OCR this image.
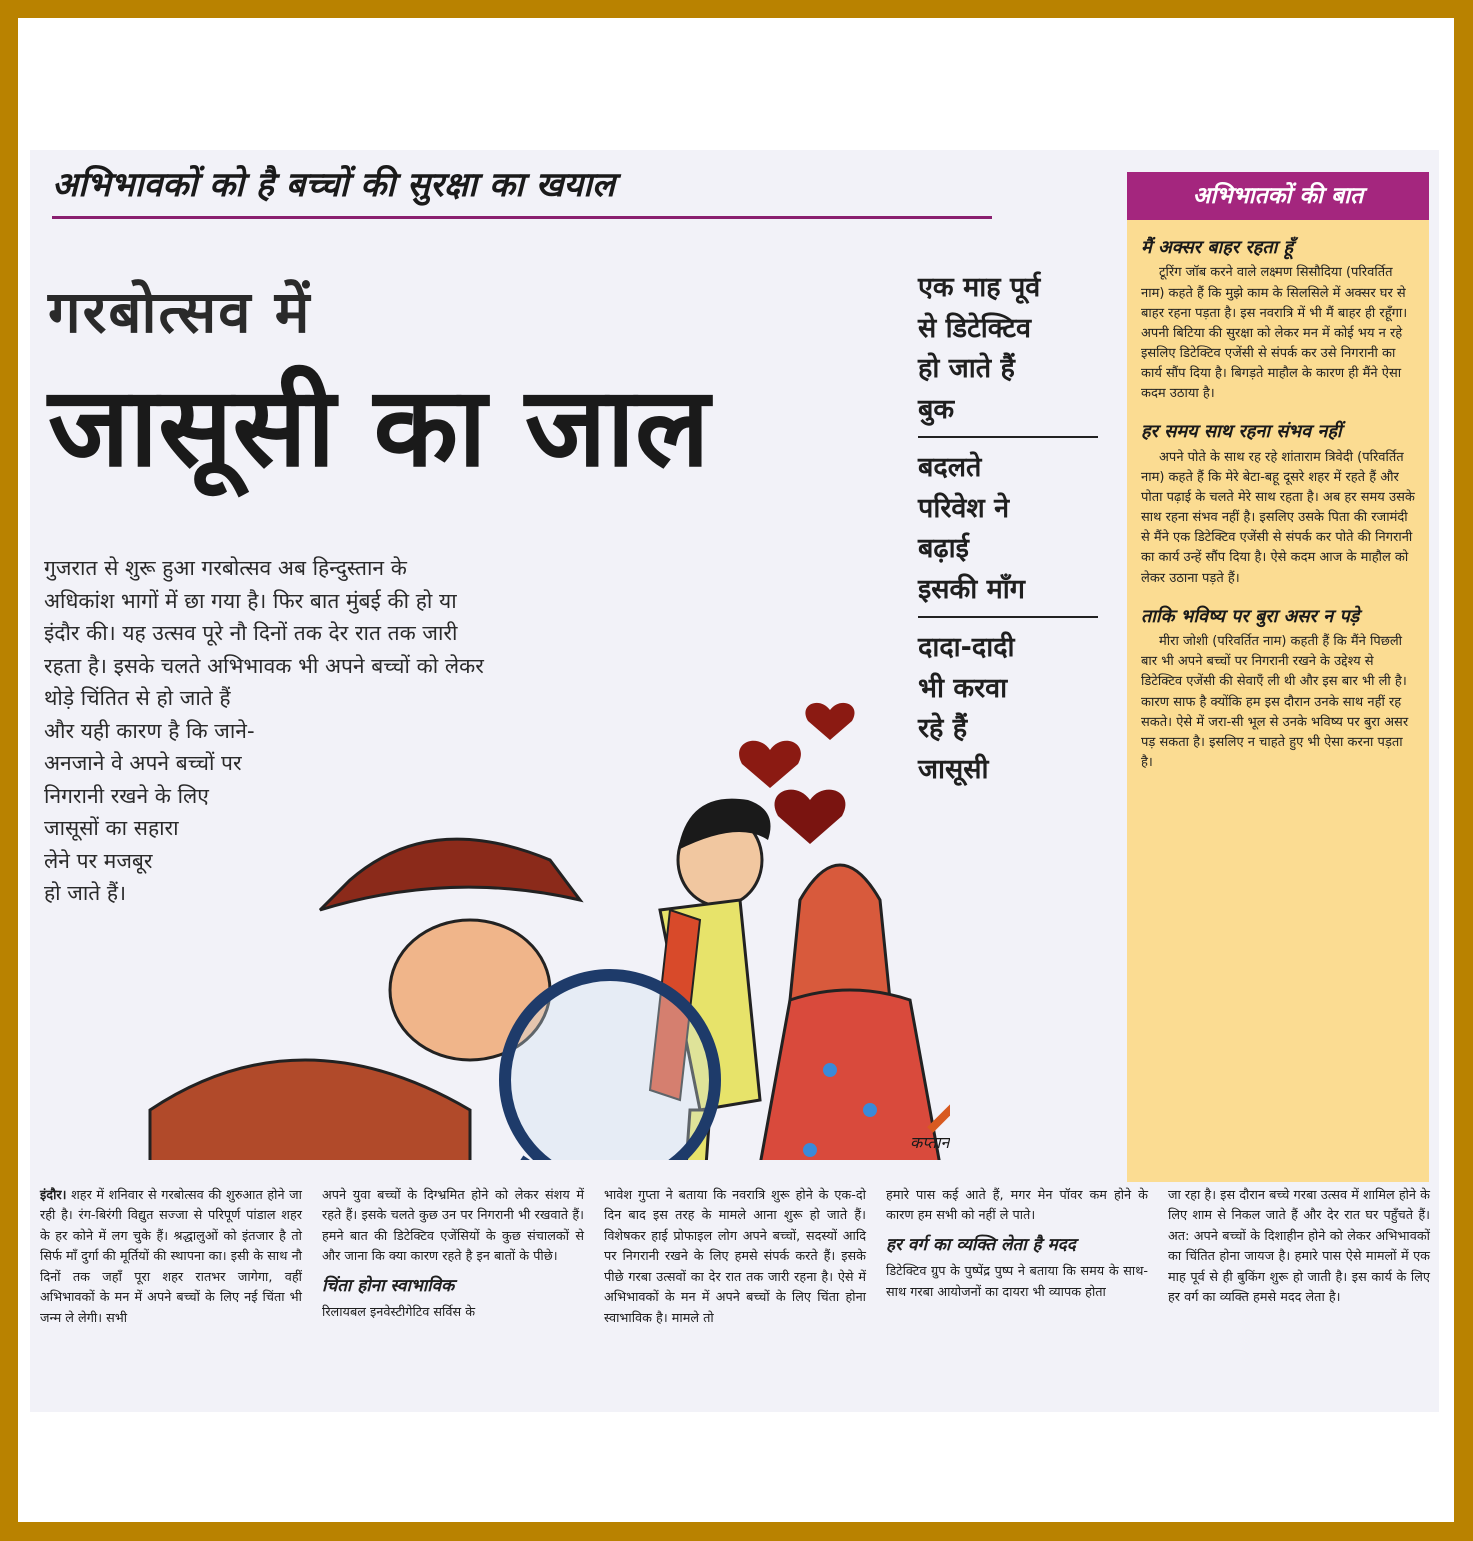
अभिभावकों को है बच्चों की सुरक्षा का खयाल
गरबोत्सव में
जासूसी का जाल
एक माह पूर्व
से डिटेक्टिव
हो जाते हैं
बुक
बदलते
परिवेश ने
बढ़ाई
इसकी माँग
दादा-दादी
भी करवा
रहे हैं
जासूसी
कप्तान
गुजरात से शुरू हुआ गरबोत्सव अब हिन्दुस्तान के
अधिकांश भागों में छा गया है। फिर बात मुंबई की हो या
इंदौर की। यह उत्सव पूरे नौ दिनों तक देर रात तक जारी
रहता है। इसके चलते अभिभावक भी अपने बच्चों को लेकर
थोड़े चिंतित से हो जाते हैं
और यही कारण है कि जाने-
अनजाने वे अपने बच्चों पर
निगरानी रखने के लिए
जासूसों का सहारा
लेने पर मजबूर
हो जाते हैं।
अभिभातकों की बात
मैं अक्सर बाहर रहता हूँ
टूरिंग जॉब करने वाले लक्ष्मण सिसौदिया (परिवर्तित नाम) कहते हैं कि मुझे काम के सिलसिले में अक्सर घर से बाहर रहना पड़ता है। इस नवरात्रि में भी मैं बाहर ही रहूँगा। अपनी बिटिया की सुरक्षा को लेकर मन में कोई भय न रहे इसलिए डिटेक्टिव एजेंसी से संपर्क कर उसे निगरानी का कार्य सौंप दिया है। बिगड़ते माहौल के कारण ही मैंने ऐसा कदम उठाया है।
हर समय साथ रहना संभव नहीं
अपने पोते के साथ रह रहे शांताराम त्रिवेदी (परिवर्तित नाम) कहते हैं कि मेरे बेटा-बहू दूसरे शहर में रहते हैं और पोता पढ़ाई के चलते मेरे साथ रहता है। अब हर समय उसके साथ रहना संभव नहीं है। इसलिए उसके पिता की रजामंदी से मैंने एक डिटेक्टिव एजेंसी से संपर्क कर पोते की निगरानी का कार्य उन्हें सौंप दिया है। ऐसे कदम आज के माहौल को लेकर उठाना पड़ते हैं।
ताकि भविष्य पर बुरा असर न पड़े
मीरा जोशी (परिवर्तित नाम) कहती हैं कि मैंने पिछली बार भी अपने बच्चों पर निगरानी रखने के उद्देश्य से डिटेक्टिव एजेंसी की सेवाएँ ली थी और इस बार भी ली है। कारण साफ है क्योंकि हम इस दौरान उनके साथ नहीं रह सकते। ऐसे में जरा-सी भूल से उनके भविष्य पर बुरा असर पड़ सकता है। इसलिए न चाहते हुए भी ऐसा करना पड़ता है।

इंदौर। शहर में शनिवार से गरबोत्सव की शुरुआत होने जा रही है। रंग-बिरंगी विद्युत सज्जा से परिपूर्ण पांडाल शहर के हर कोने में लग चुके हैं। श्रद्धालुओं को इंतजार है तो सिर्फ माँ दुर्गा की मूर्तियों की स्थापना का। इसी के साथ नौ दिनों तक जहाँ पूरा शहर रातभर जागेगा, वहीं अभिभावकों के मन में अपने बच्चों के लिए नई चिंता भी जन्म ले लेगी। सभी

अपने युवा बच्चों के दिग्भ्रमित होने को लेकर संशय में रहते हैं। इसके चलते कुछ उन पर निगरानी भी रखवाते हैं। हमने बात की डिटेक्टिव एजेंसियों के कुछ संचालकों से और जाना कि क्या कारण रहते है इन बातों के पीछे।

चिंता होना स्वाभाविक

रिलायबल इनवेस्टीगेटिव सर्विस के

भावेश गुप्ता ने बताया कि नवरात्रि शुरू होने के एक-दो दिन बाद इस तरह के मामले आना शुरू हो जाते हैं। विशेषकर हाई प्रोफाइल लोग अपने बच्चों, सदस्यों आदि पर निगरानी रखने के लिए हमसे संपर्क करते हैं। इसके पीछे गरबा उत्सवों का देर रात तक जारी रहना है। ऐसे में अभिभावकों के मन में अपने बच्चों के लिए चिंता होना स्वाभाविक है। मामले तो

हमारे पास कई आते हैं, मगर मेन पॉवर कम होने के कारण हम सभी को नहीं ले पाते।

हर वर्ग का व्यक्ति लेता है मदद

डिटेक्टिव ग्रुप के पुष्पेंद्र पुष्प ने बताया कि समय के साथ-साथ गरबा आयोजनों का दायरा भी व्यापक होता

जा रहा है। इस दौरान बच्चे गरबा उत्सव में शामिल होने के लिए शाम से निकल जाते हैं और देर रात घर पहुँचते हैं। अत: अपने बच्चों के दिशाहीन होने को लेकर अभिभावकों का चिंतित होना जायज है। हमारे पास ऐसे मामलों में एक माह पूर्व से ही बुकिंग शुरू हो जाती है। इस कार्य के लिए हर वर्ग का व्यक्ति हमसे मदद लेता है।
